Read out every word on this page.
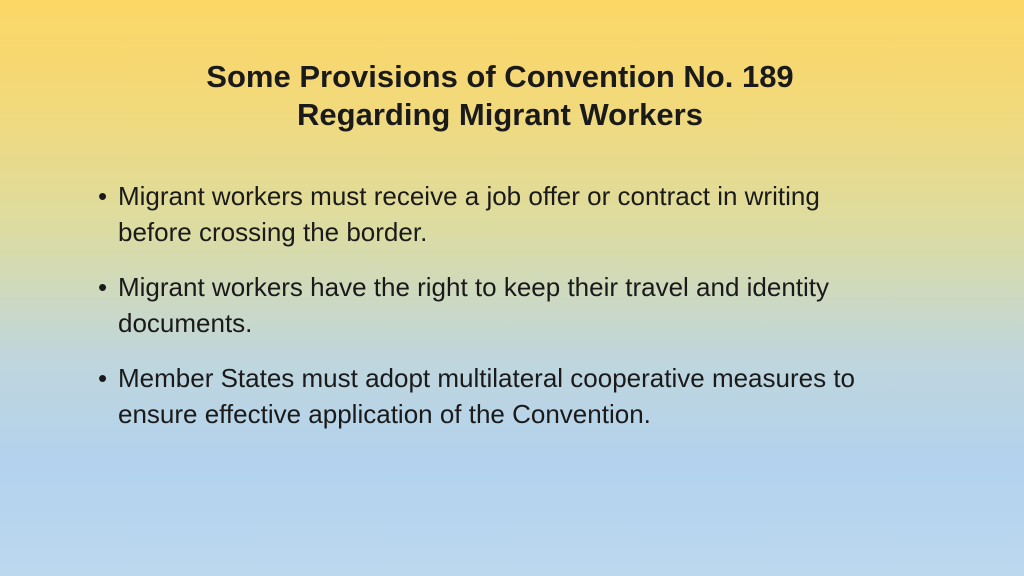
Some Provisions of Convention No. 189
Regarding Migrant Workers
• Migrant workers must receive a job offer or contract in writing before crossing the border.
• Migrant workers have the right to keep their travel and identity documents.
• Member States must adopt multilateral cooperative measures to ensure effective application of the Convention.
